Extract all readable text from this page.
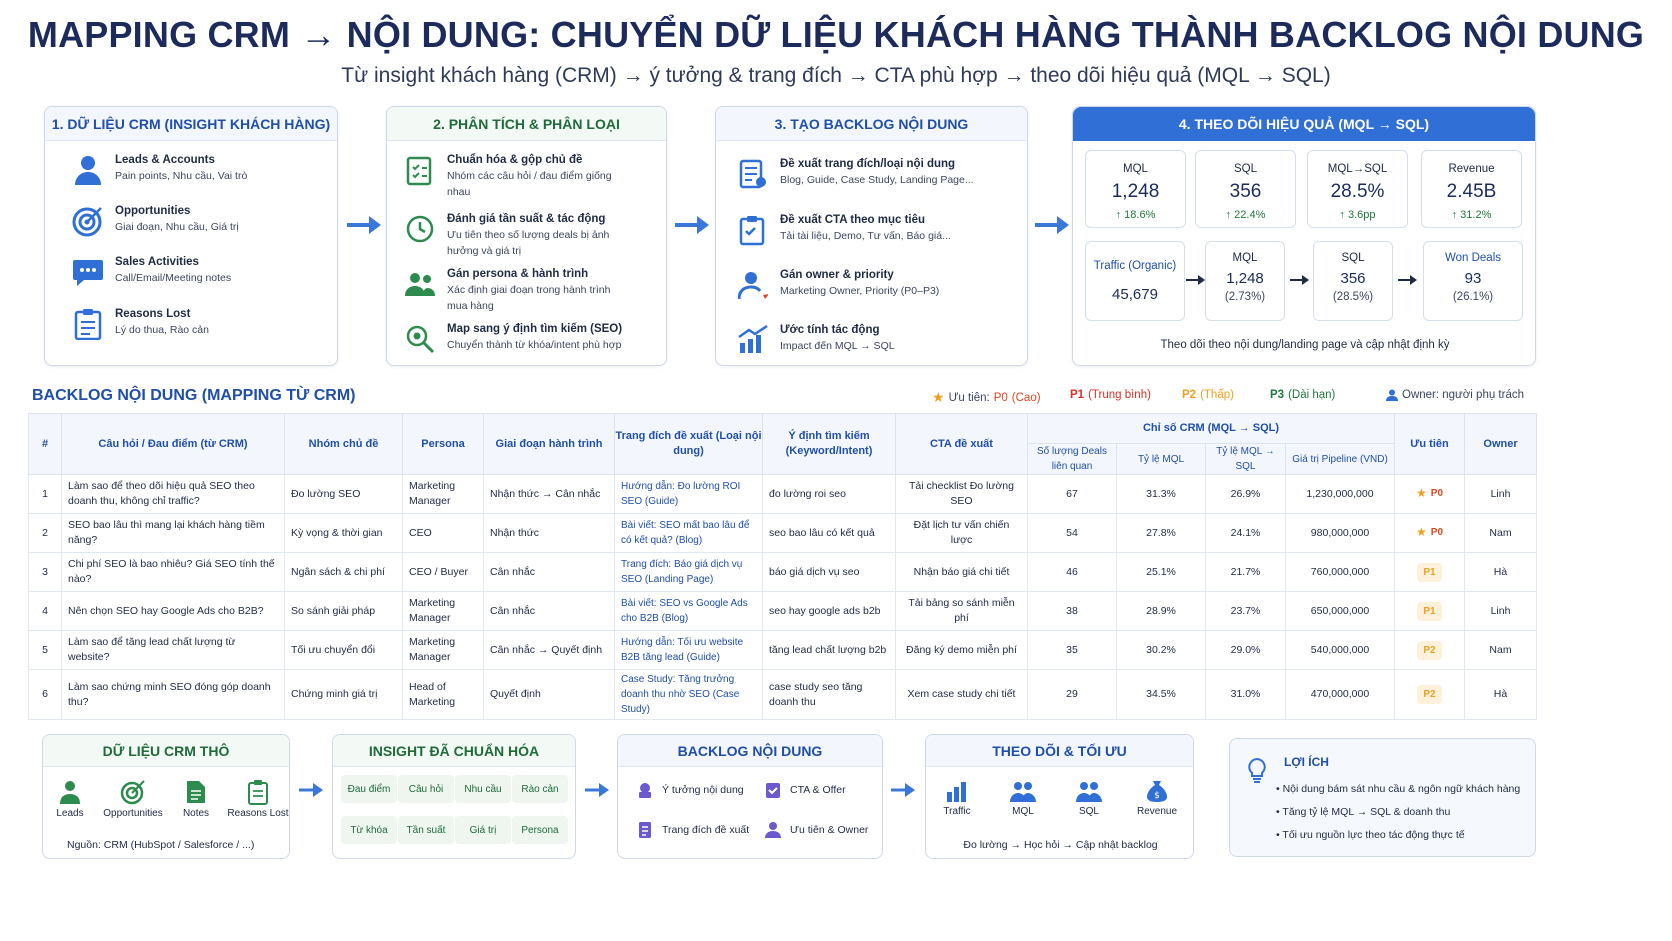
MAPPING CRM → NỘI DUNG: CHUYỂN DỮ LIỆU KHÁCH HÀNG THÀNH BACKLOG NỘI DUNG
Từ insight khách hàng (CRM) → ý tưởng & trang đích → CTA phù hợp → theo dõi hiệu quả (MQL → SQL)
1. DỮ LIỆU CRM (INSIGHT KHÁCH HÀNG)
Leads & Accounts
Pain points, Nhu cầu, Vai trò
Opportunities
Giai đoạn, Nhu cầu, Giá trị
Sales Activities
Call/Email/Meeting notes
Reasons Lost
Lý do thua, Rào cản
2. PHÂN TÍCH & PHÂN LOẠI
Chuẩn hóa & gộp chủ đề
Nhóm các câu hỏi / đau điểm giống nhau
Đánh giá tần suất & tác động
Ưu tiên theo số lượng deals bị ảnh hưởng và giá trị
Gán persona & hành trình
Xác định giai đoạn trong hành trình mua hàng
Map sang ý định tìm kiếm (SEO)
Chuyển thành từ khóa/intent phù hợp
3. TẠO BACKLOG NỘI DUNG
Đề xuất trang đích/loại nội dung
Blog, Guide, Case Study, Landing Page...
Đề xuất CTA theo mục tiêu
Tải tài liệu, Demo, Tư vấn, Báo giá...
Gán owner & priority
Marketing Owner, Priority (P0–P3)
Ước tính tác động
Impact đến MQL → SQL
4. THEO DÕI HIỆU QUẢ (MQL → SQL)
MQL
1,248
↑ 18.6%
SQL
356
↑ 22.4%
MQL→SQL
28.5%
↑ 3.6pp
Revenue
2.45B
↑ 31.2%
Traffic (Organic)
45,679
MQL
1,248
(2.73%)
SQL
356
(28.5%)
Won Deals
93
(26.1%)
Theo dõi theo nội dung/landing page và cập nhật định kỳ
BACKLOG NỘI DUNG (MAPPING TỪ CRM)	★ Ưu tiên: P0 (Cao)	P1 (Trung bình)	P2 (Thấp)	P3 (Dài hạn)	Owner: người phụ trách
#	Câu hỏi / Đau điểm (từ CRM)	Nhóm chủ đề	Persona	Giai đoạn hành trình	Trang đích đề xuất (Loại nội dung)	Ý định tìm kiếm (Keyword/Intent)	CTA đề xuất	Chỉ số CRM (MQL → SQL)				Ưu tiên	Owner
								Số lượng Deals liên quan	Tỷ lệ MQL	Tỷ lệ MQL → SQL	Giá trị Pipeline (VND)		
1	Làm sao để theo dõi hiệu quả SEO theo doanh thu, không chỉ traffic?	Đo lường SEO	Marketing Manager	Nhận thức → Cân nhắc	Hướng dẫn: Đo lường ROI SEO (Guide)	đo lường roi seo	Tải checklist Đo lường SEO	67	31.3%	26.9%	1,230,000,000	★ P0	Linh
2	SEO bao lâu thì mang lại khách hàng tiềm năng?	Kỳ vọng & thời gian	CEO	Nhận thức	Bài viết: SEO mất bao lâu để có kết quả? (Blog)	seo bao lâu có kết quả	Đặt lịch tư vấn chiến lược	54	27.8%	24.1%	980,000,000	★ P0	Nam
3	Chi phí SEO là bao nhiêu? Giá SEO tính thế nào?	Ngân sách & chi phí	CEO / Buyer	Cân nhắc	Trang đích: Báo giá dịch vụ SEO (Landing Page)	báo giá dịch vụ seo	Nhận báo giá chi tiết	46	25.1%	21.7%	760,000,000	P1	Hà
4	Nên chọn SEO hay Google Ads cho B2B?	So sánh giải pháp	Marketing Manager	Cân nhắc	Bài viết: SEO vs Google Ads cho B2B (Blog)	seo hay google ads b2b	Tải bảng so sánh miễn phí	38	28.9%	23.7%	650,000,000	P1	Linh
5	Làm sao để tăng lead chất lượng từ website?	Tối ưu chuyển đổi	Marketing Manager	Cân nhắc → Quyết định	Hướng dẫn: Tối ưu website B2B tăng lead (Guide)	tăng lead chất lượng b2b	Đăng ký demo miễn phí	35	30.2%	29.0%	540,000,000	P2	Nam
6	Làm sao chứng minh SEO đóng góp doanh thu?	Chứng minh giá trị	Head of Marketing	Quyết định	Case Study: Tăng trưởng doanh thu nhờ SEO (Case Study)	case study seo tăng doanh thu	Xem case study chi tiết	29	34.5%	31.0%	470,000,000	P2	Hà
DỮ LIỆU CRM THÔ
Leads	Opportunities	Notes	Reasons Lost
Nguồn: CRM (HubSpot / Salesforce / ...)
INSIGHT ĐÃ CHUẨN HÓA
Đau điểm	Câu hỏi	Nhu cầu	Rào cản
Từ khóa	Tần suất	Giá trị	Persona
BACKLOG NỘI DUNG
Ý tưởng nội dung	CTA & Offer
Trang đích đề xuất	Ưu tiên & Owner
THEO DÕI & TỐI ƯU
Traffic	MQL	SQL
$
Revenue
Đo lường → Học hỏi → Cập nhật backlog
LỢI ÍCH
• Nội dung bám sát nhu cầu & ngôn ngữ khách hàng
• Tăng tỷ lệ MQL → SQL & doanh thu
• Tối ưu nguồn lực theo tác động thực tế
